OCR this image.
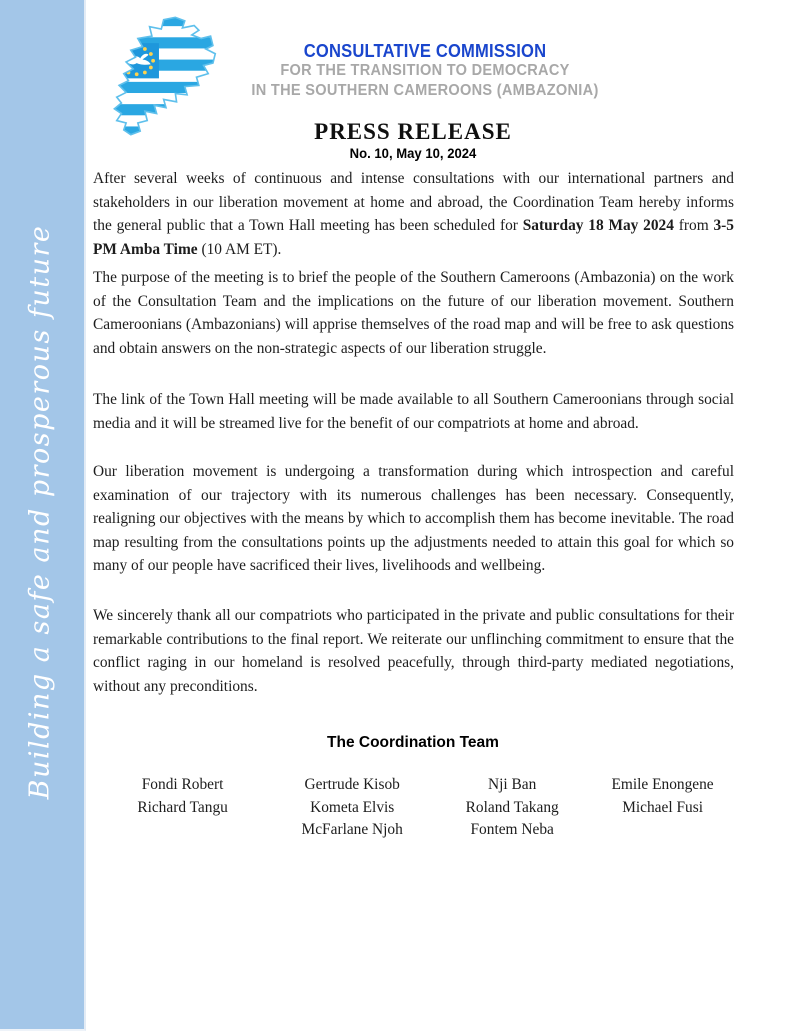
Building a safe and prosperous future
CONSULTATIVE COMMISSION
FOR THE TRANSITION TO DEMOCRACY
IN THE SOUTHERN CAMEROONS (AMBAZONIA)
PRESS RELEASE
No. 10, May 10, 2024

After several weeks of continuous and intense consultations with our international partners and stakeholders in our liberation movement at home and abroad, the Coordination Team hereby informs the general public that a Town Hall meeting has been scheduled for Saturday 18 May 2024 from 3-5 PM Amba Time (10 AM ET).

The purpose of the meeting is to brief the people of the Southern Cameroons (Ambazonia) on the work of the Consultation Team and the implications on the future of our liberation movement. Southern Cameroonians (Ambazonians) will apprise themselves of the road map and will be free to ask questions and obtain answers on the non-strategic aspects of our liberation struggle.

The link of the Town Hall meeting will be made available to all Southern Cameroonians through social media and it will be streamed live for the benefit of our compatriots at home and abroad.

Our liberation movement is undergoing a transformation during which introspection and careful examination of our trajectory with its numerous challenges has been necessary. Consequently, realigning our objectives with the means by which to accomplish them has become inevitable. The road map resulting from the consultations points up the adjustments needed to attain this goal for which so many of our people have sacrificed their lives, livelihoods and wellbeing.

We sincerely thank all our compatriots who participated in the private and public consultations for their remarkable contributions to the final report. We reiterate our unflinching commitment to ensure that the conflict raging in our homeland is resolved peacefully, through third-party mediated negotiations, without any preconditions.

The Coordination Team
Fondi Robert
Richard Tangu
Gertrude Kisob
Kometa Elvis
McFarlane Njoh
Nji Ban
Roland Takang
Fontem Neba
Emile Enongene
Michael Fusi
